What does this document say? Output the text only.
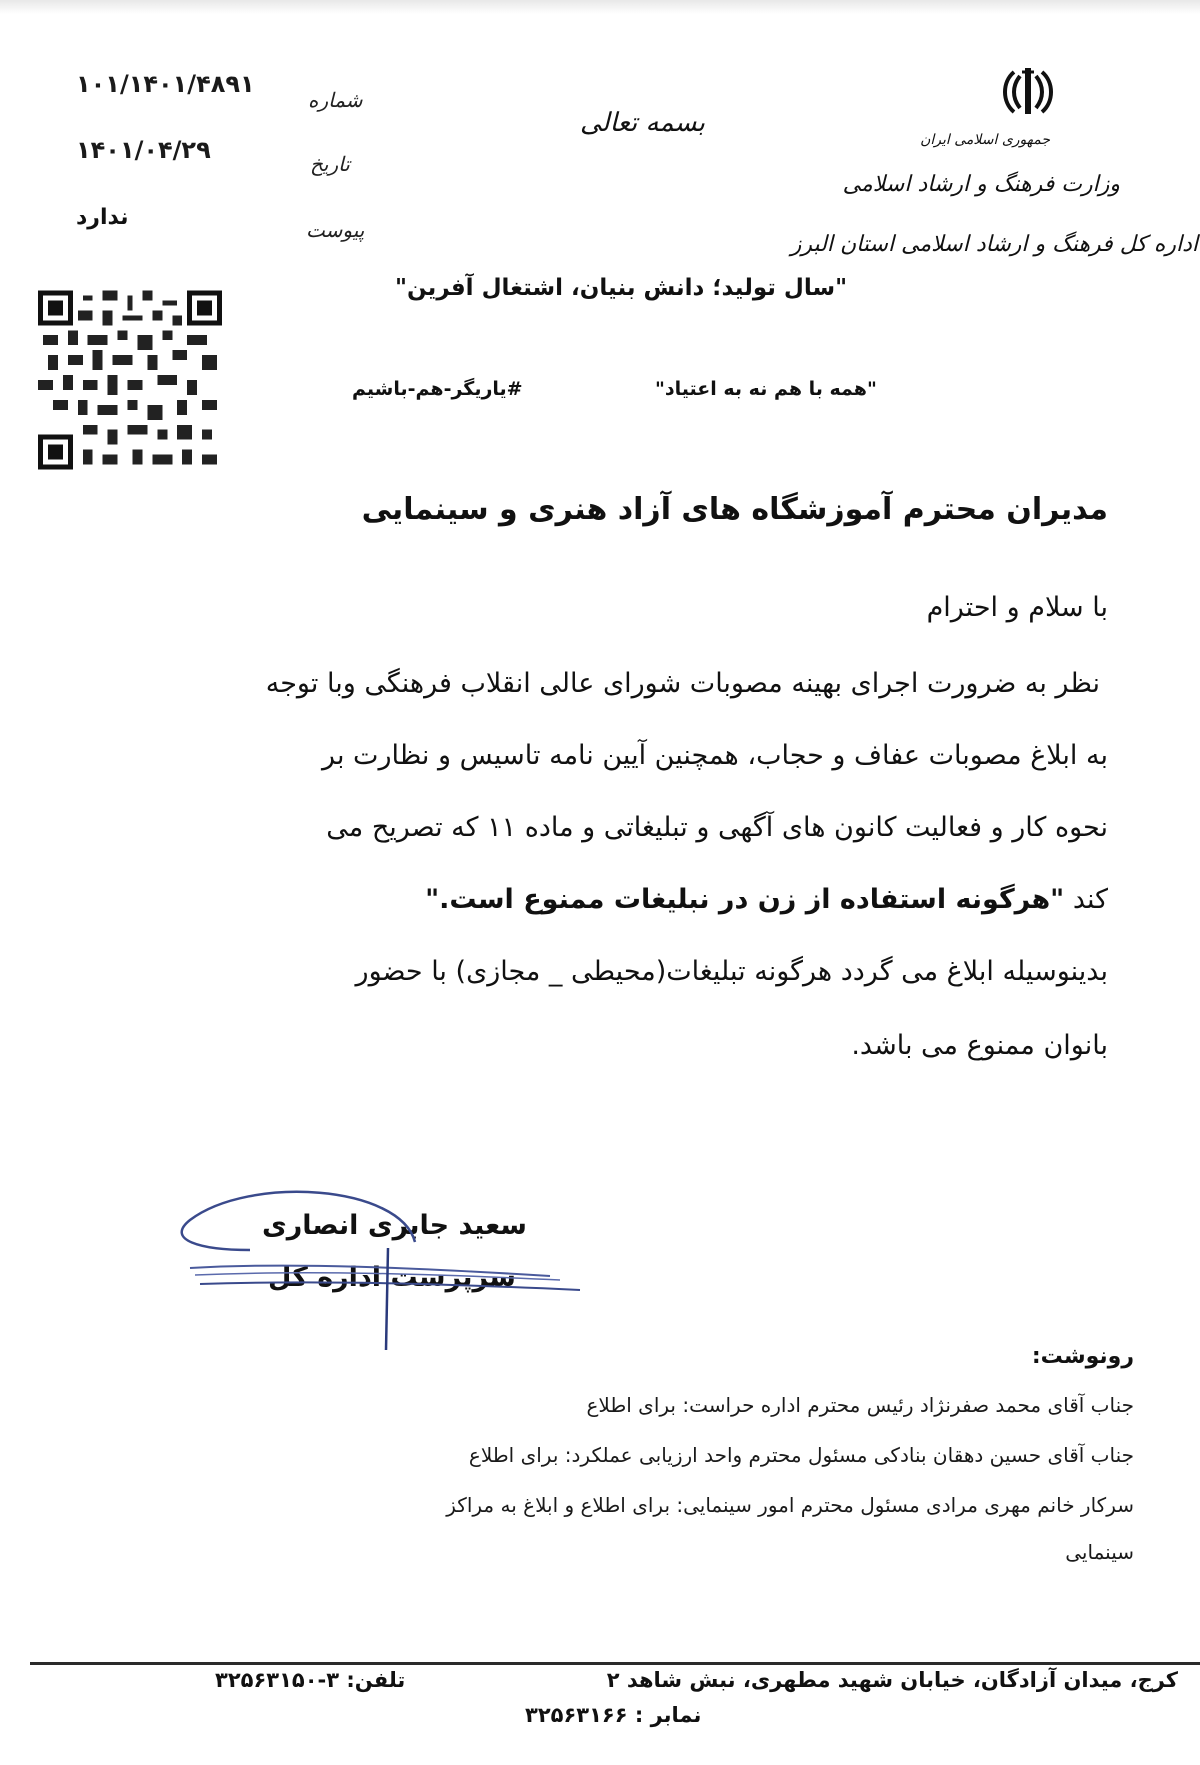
۱۰۱/۱۴۰۱/۴۸۹۱
۱۴۰۱/۰۴/۲۹
ندارد
شماره
تاریخ
پیوست
بسمه تعالی
جمهوری اسلامی ایران
وزارت فرهنگ و ارشاد اسلامی
اداره کل فرهنگ و ارشاد اسلامی استان البرز
"سال تولید؛ دانش بنیان، اشتغال آفرین"
#یاریگر-هم-باشیم	"همه با هم نه به اعتیاد"
مدیران محترم آموزشگاه های آزاد هنری و سینمایی
با سلام و احترام
نظر به ضرورت اجرای بهینه مصوبات شورای عالی انقلاب فرهنگی وبا توجه
به ابلاغ مصوبات عفاف و حجاب، همچنین آیین نامه تاسیس و نظارت بر
نحوه کار و فعالیت کانون های آگهی و تبلیغاتی و ماده ۱۱ که تصریح می
کند "هرگونه استفاده از زن در نبلیغات ممنوع است."
بدینوسیله ابلاغ می گردد هرگونه تبلیغات(محیطی _ مجازی) با حضور
بانوان ممنوع می باشد.
سعید جابری انصاری
سرپرست اداره کل
رونوشت:
جناب آقای محمد صفرنژاد رئیس محترم اداره حراست: برای اطلاع
جناب آقای حسین دهقان بنادکی مسئول محترم واحد ارزیابی عملکرد: برای اطلاع
سرکار خانم مهری مرادی مسئول محترم امور سینمایی: برای اطلاع و ابلاغ به مراکز
سینمایی
کرج، میدان آزادگان، خیابان شهید مطهری، نبش شاهد ۲
تلفن: ۳-۳۲۵۶۳۱۵۰
نمابر : ۳۲۵۶۳۱۶۶
